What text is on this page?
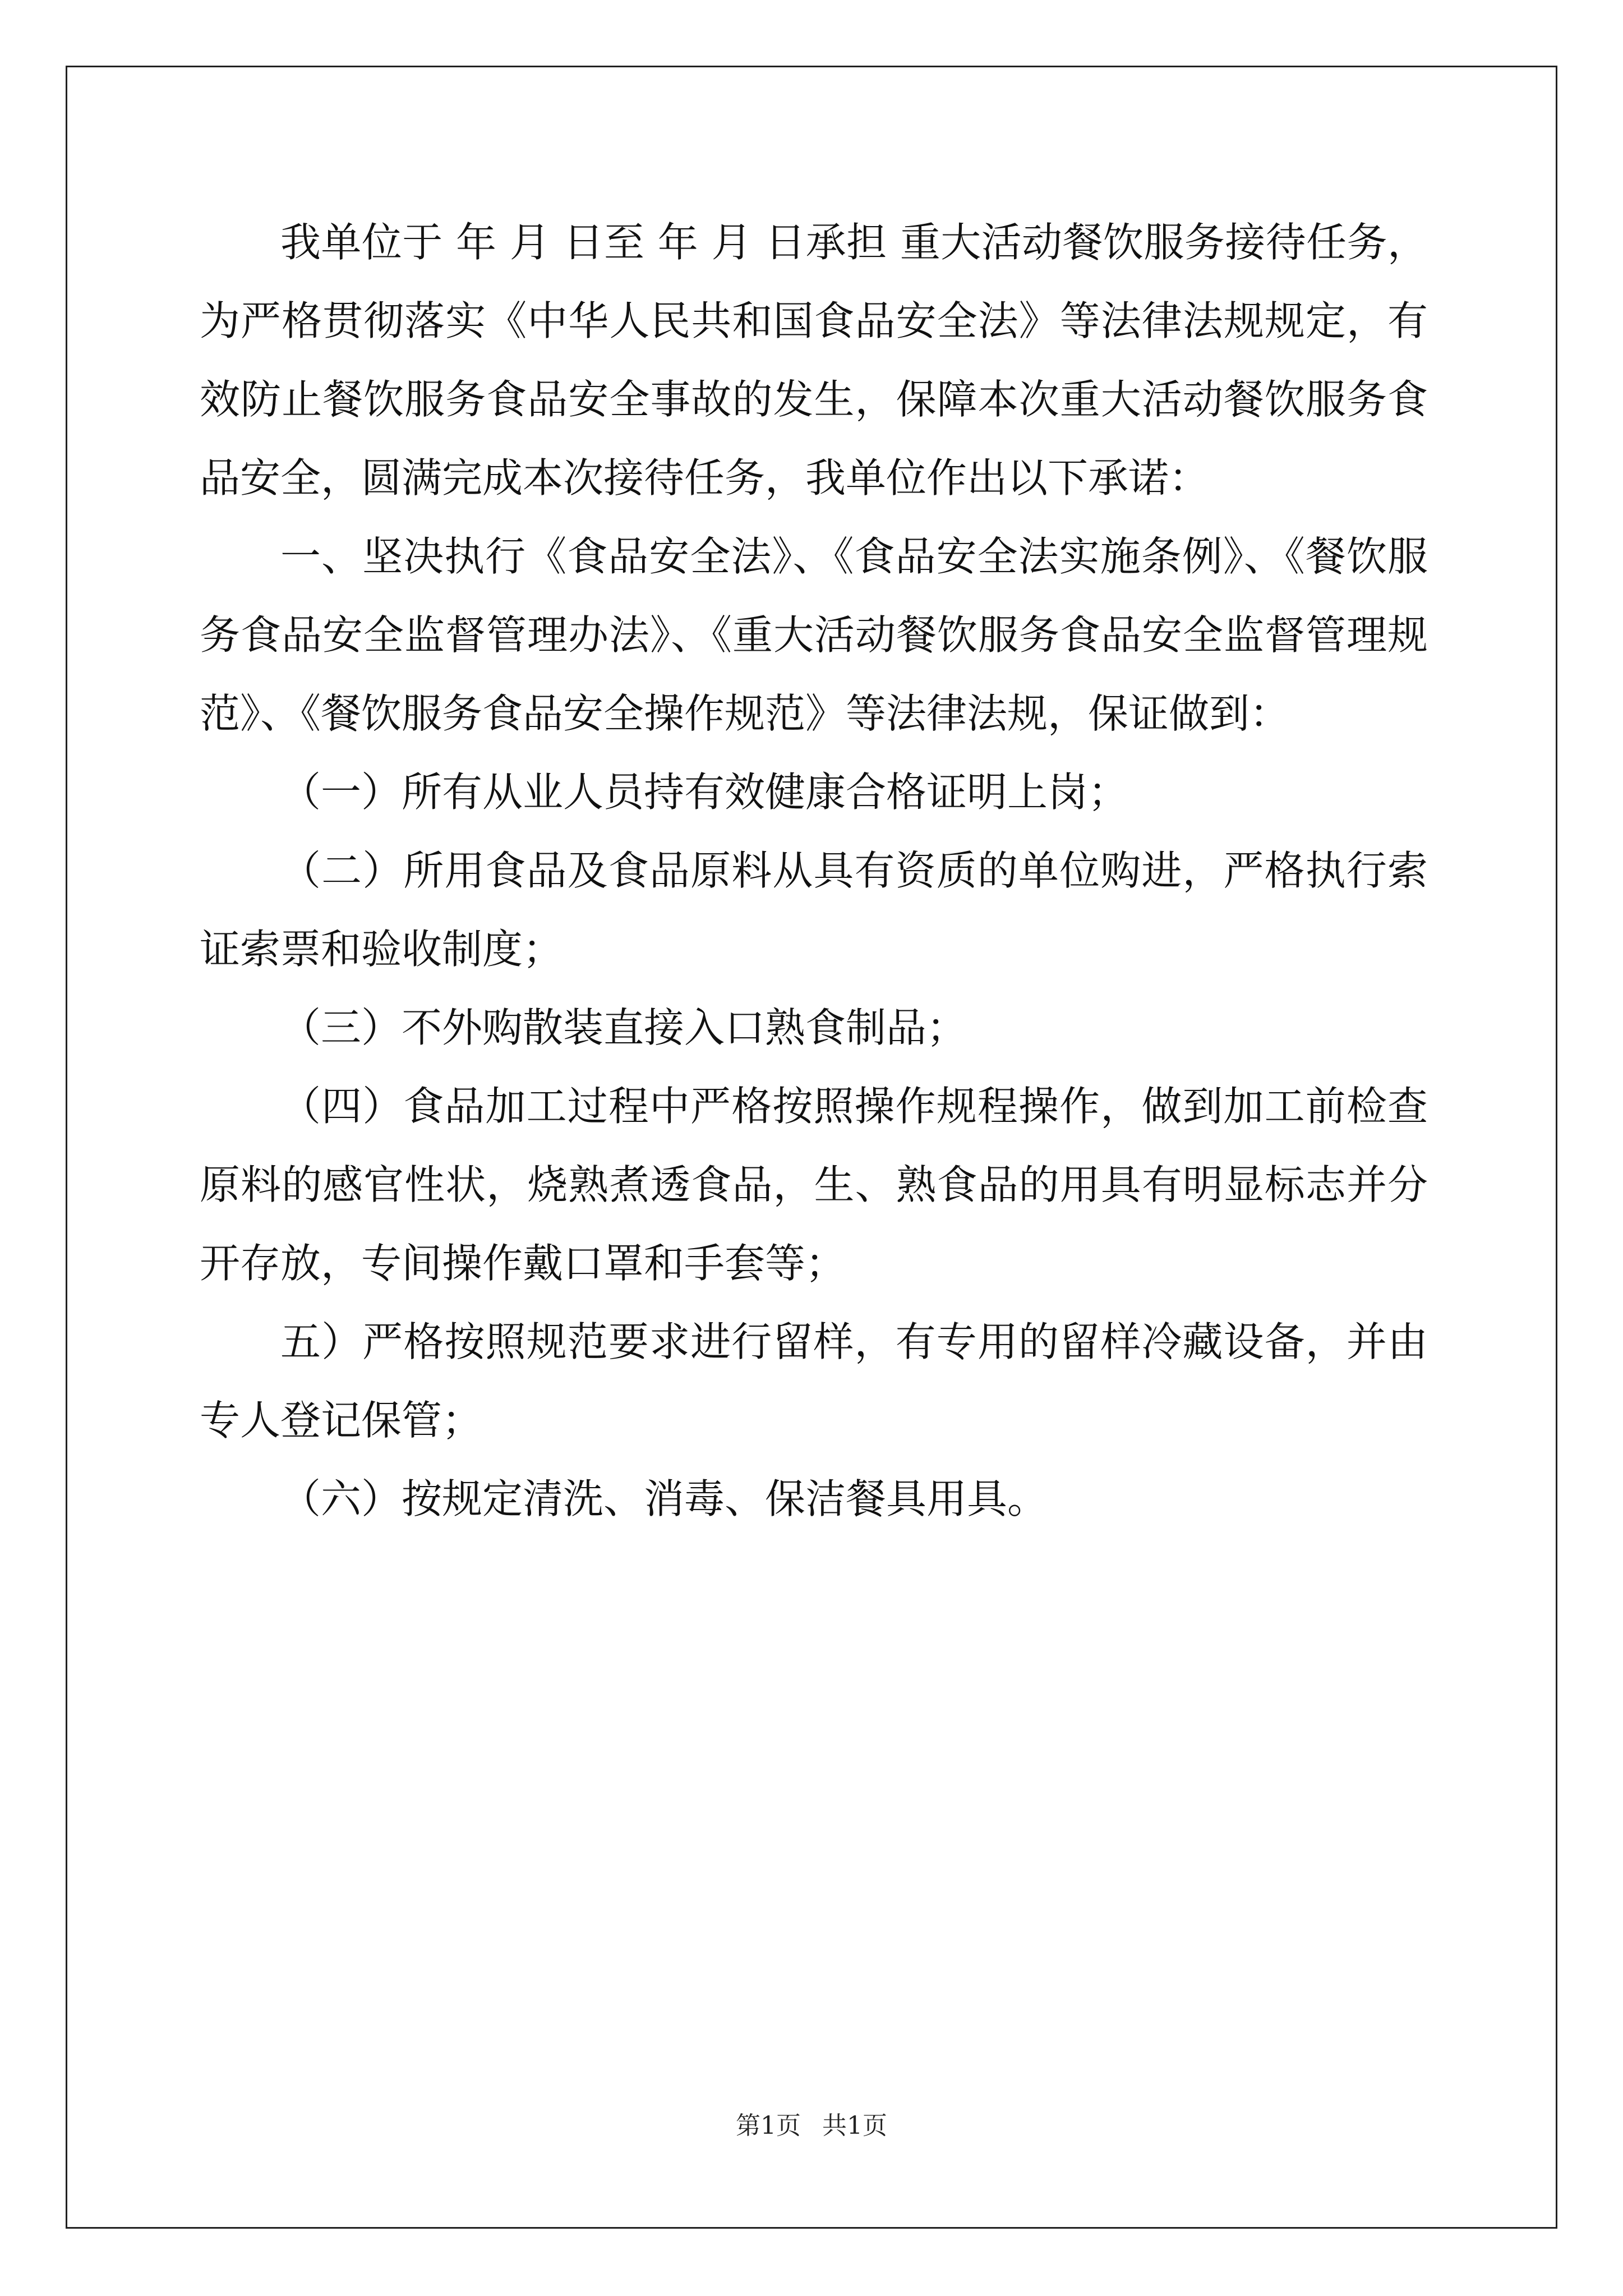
我单位于 年 月 日至 年 月 日承担 重大活动餐饮服务接待任务，为严格贯彻落实《中华人民共和国食品安全法》等法律法规规定，有效防止餐饮服务食品安全事故的发生，保障本次重大活动餐饮服务食品安全，圆满完成本次接待任务，我单位作出以下承诺：

一、坚决执行《食品安全法》、《食品安全法实施条例》、《餐饮服务食品安全监督管理办法》、《重大活动餐饮服务食品安全监督管理规范》、《餐饮服务食品安全操作规范》等法律法规，保证做到：

（一）所有从业人员持有效健康合格证明上岗；

（二）所用食品及食品原料从具有资质的单位购进，严格执行索证索票和验收制度；

（三）不外购散装直接入口熟食制品；

（四）食品加工过程中严格按照操作规程操作，做到加工前检查原料的感官性状，烧熟煮透食品，生、熟食品的用具有明显标志并分开存放，专间操作戴口罩和手套等；

五）严格按照规范要求进行留样，有专用的留样冷藏设备，并由专人登记保管；

（六）按规定清洗、消毒、保洁餐具用具。

第1页 共1页
